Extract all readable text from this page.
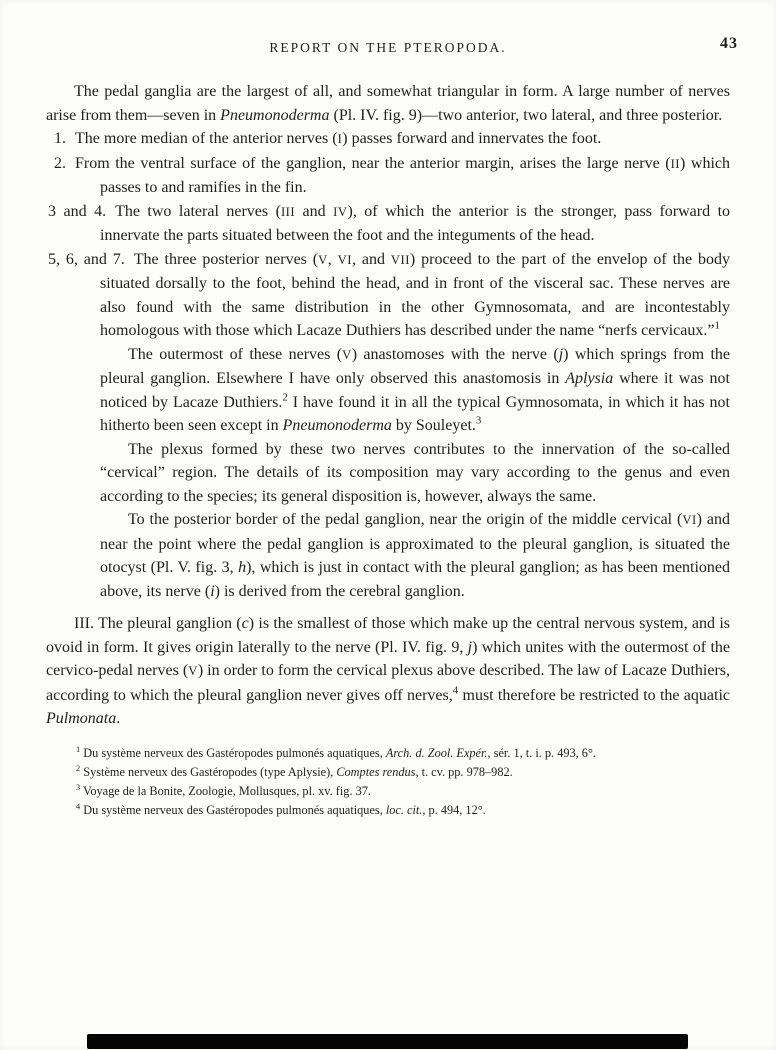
REPORT ON THE PTEROPODA.	43
The pedal ganglia are the largest of all, and somewhat triangular in form. A large number of nerves arise from them—seven in Pneumonoderma (Pl. IV. fig. 9)—two anterior, two lateral, and three posterior.
1. The more median of the anterior nerves (I) passes forward and innervates the foot.
2. From the ventral surface of the ganglion, near the anterior margin, arises the large nerve (II) which passes to and ramifies in the fin.
3 and 4. The two lateral nerves (III and IV), of which the anterior is the stronger, pass forward to innervate the parts situated between the foot and the integuments of the head.
5, 6, and 7. The three posterior nerves (V, VI, and VII) proceed to the part of the envelop of the body situated dorsally to the foot, behind the head, and in front of the visceral sac. These nerves are also found with the same distribution in the other Gymnosomata, and are incontestably homologous with those which Lacaze Duthiers has described under the name “nerfs cervicaux.”$^1$
The outermost of these nerves (V) anastomoses with the nerve (j) which springs from the pleural ganglion. Elsewhere I have only observed this anastomosis in Aplysia where it was not noticed by Lacaze Duthiers.$^2$ I have found it in all the typical Gymnosomata, in which it has not hitherto been seen except in Pneumonoderma by Souleyet.$^3$
The plexus formed by these two nerves contributes to the innervation of the so-called “cervical” region. The details of its composition may vary according to the genus and even according to the species; its general disposition is, however, always the same.
To the posterior border of the pedal ganglion, near the origin of the middle cervical (VI) and near the point where the pedal ganglion is approximated to the pleural ganglion, is situated the otocyst (Pl. V. fig. 3, h), which is just in contact with the pleural ganglion; as has been mentioned above, its nerve (i) is derived from the cerebral ganglion.
III. The pleural ganglion (c) is the smallest of those which make up the central nervous system, and is ovoid in form. It gives origin laterally to the nerve (Pl. IV. fig. 9, j) which unites with the outermost of the cervico-pedal nerves (V) in order to form the cervical plexus above described. The law of Lacaze Duthiers, according to which the pleural ganglion never gives off nerves,$^4$ must therefore be restricted to the aquatic Pulmonata.
$^1$ Du système nerveux des Gastéropodes pulmonés aquatiques, Arch. d. Zool. Expér., sér. 1, t. i. p. 493, 6°.
$^2$ Système nerveux des Gastéropodes (type Aplysie), Comptes rendus, t. cv. pp. 978–982.
$^3$ Voyage de la Bonite, Zoologie, Mollusques, pl. xv. fig. 37.
$^4$ Du système nerveux des Gastéropodes pulmonés aquatiques, loc. cit., p. 494, 12°.
